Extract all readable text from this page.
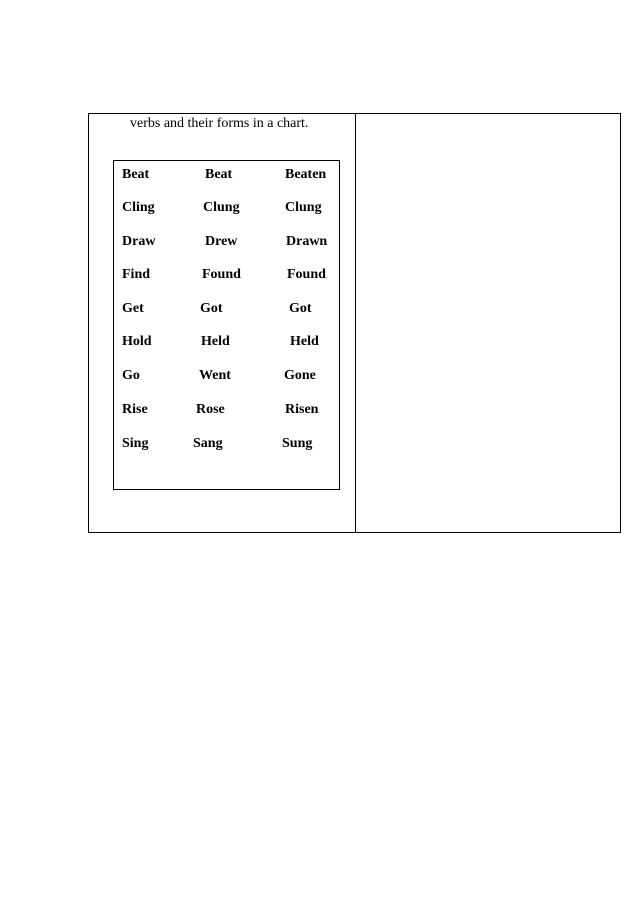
verbs and their forms in a chart.
Beat	Beat	Beaten
Cling	Clung	Clung
Draw	Drew	Drawn
Find	Found	Found
Get	Got	Got
Hold	Held	Held
Go	Went	Gone
Rise	Rose	Risen
Sing	Sang	Sung
